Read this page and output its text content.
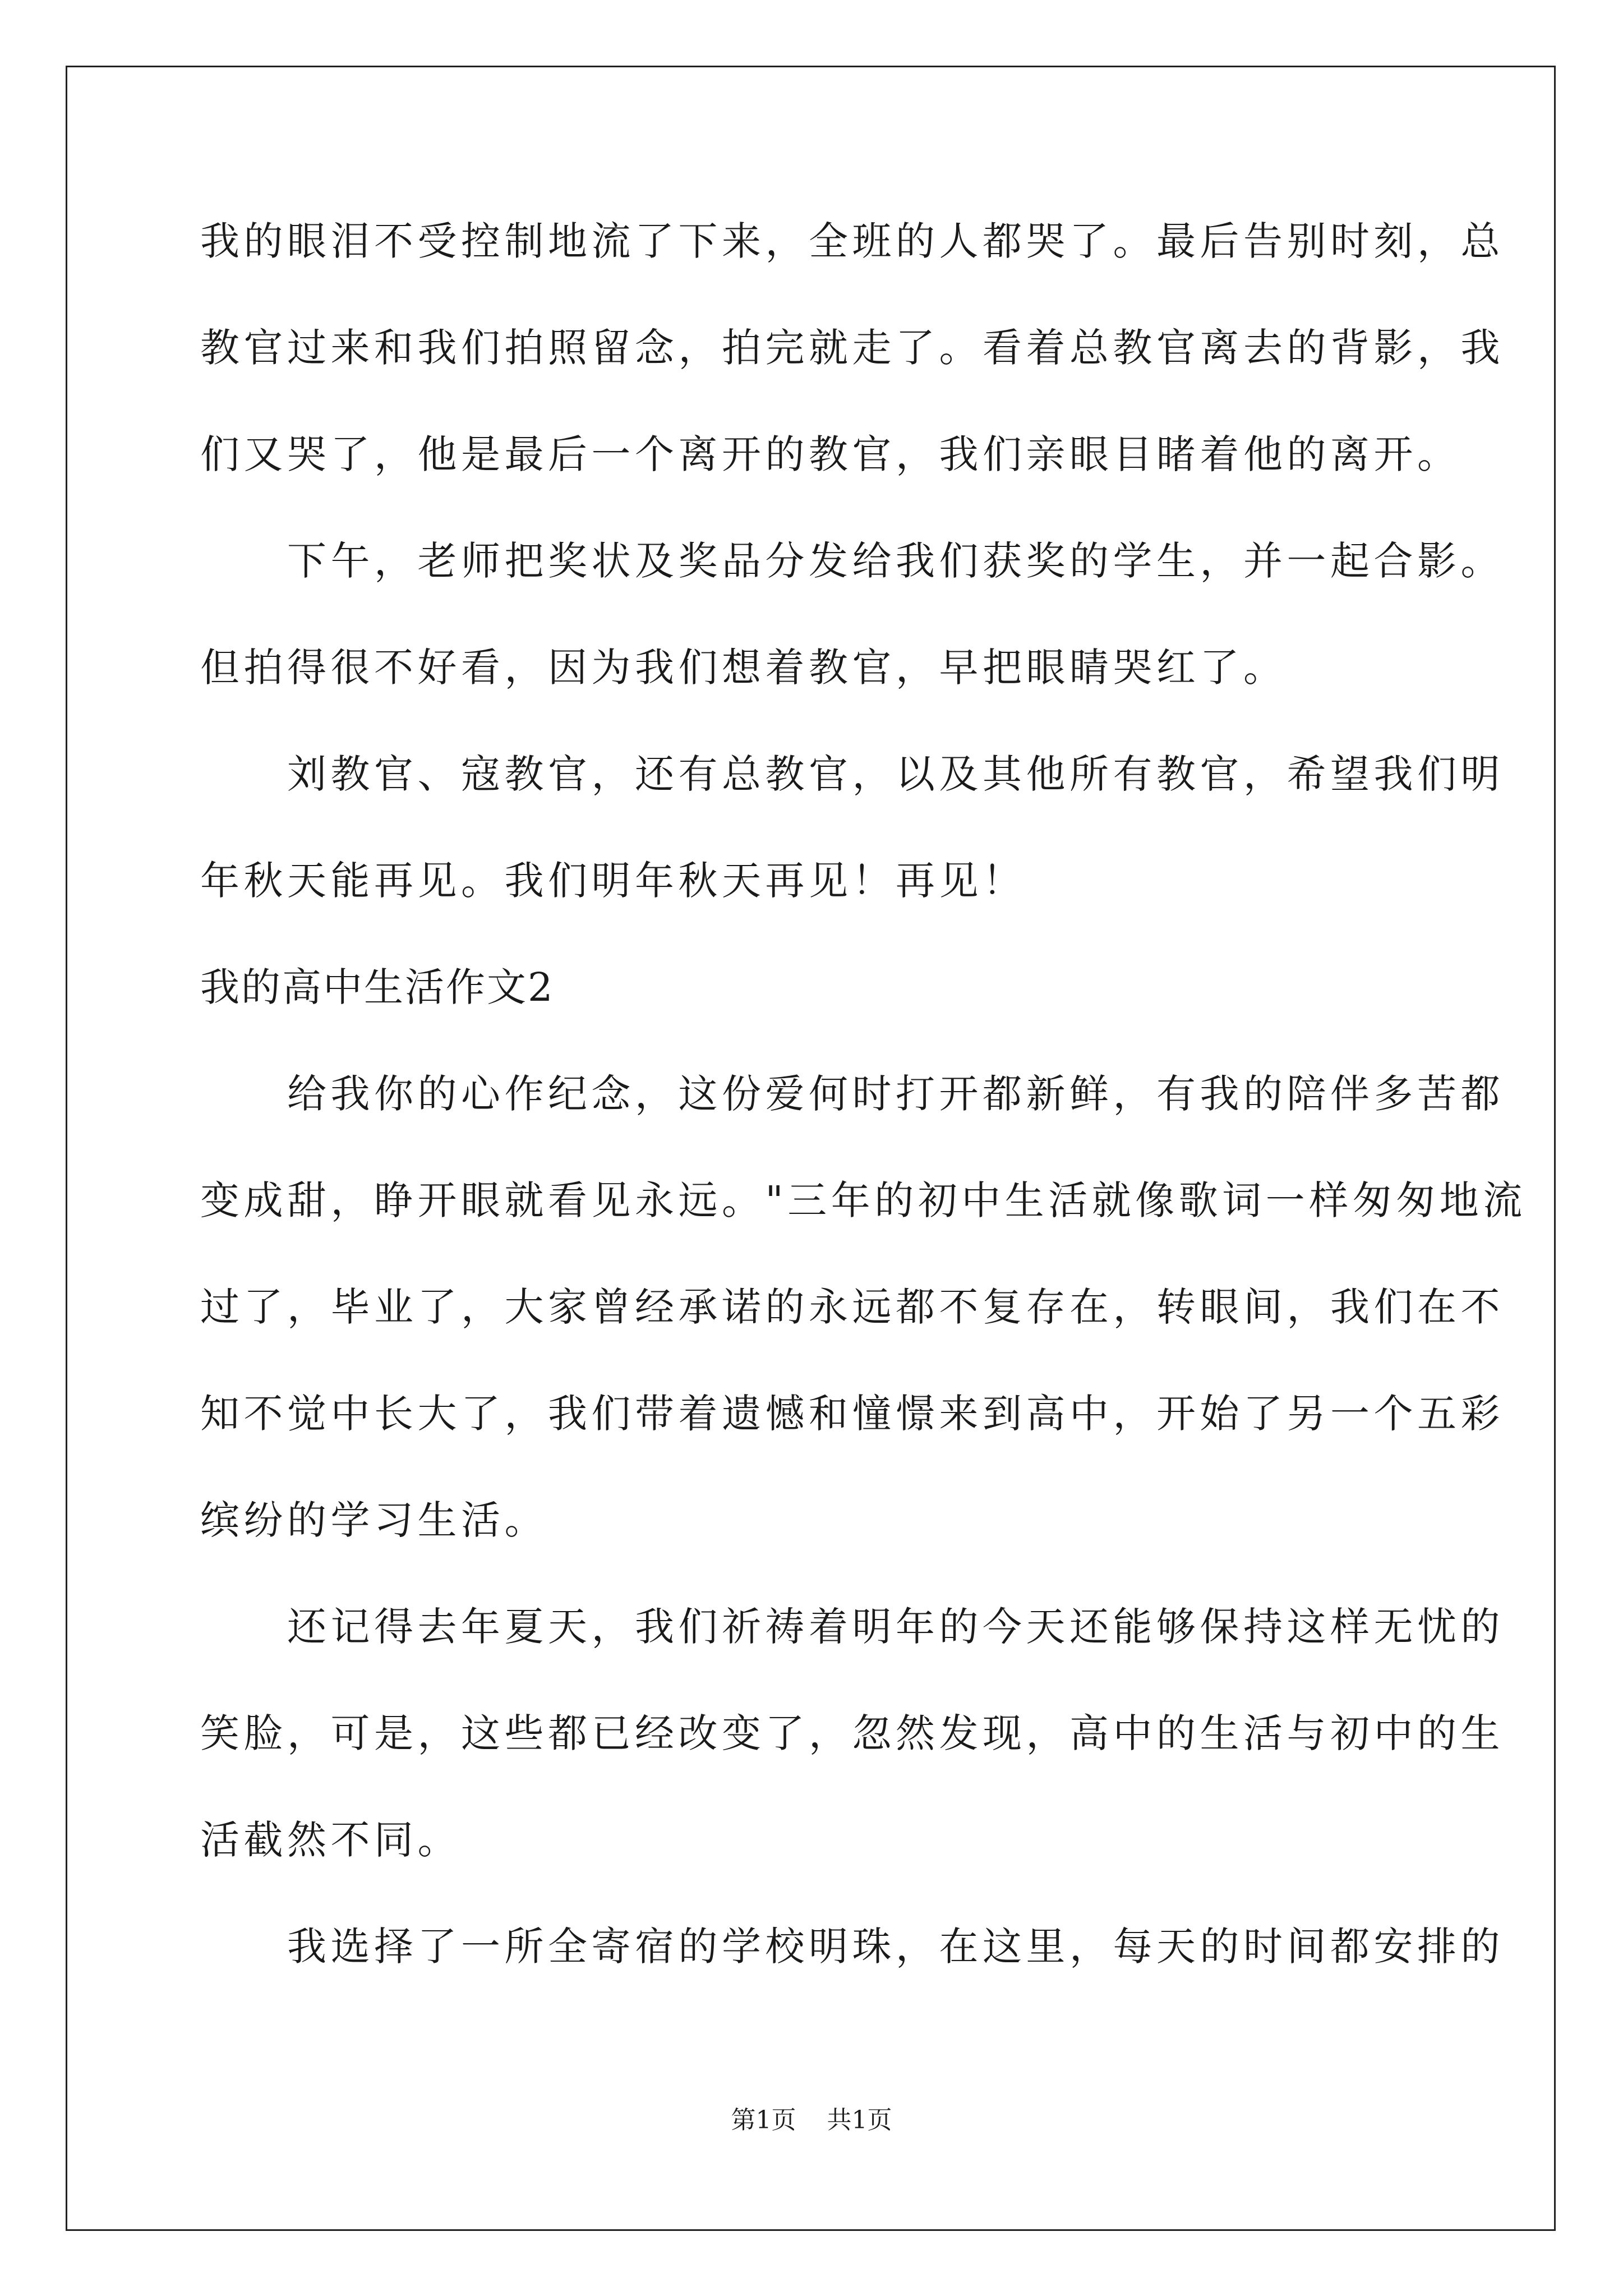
我的眼泪不受控制地流了下来，全班的人都哭了。最后告别时刻，总
教官过来和我们拍照留念，拍完就走了。看着总教官离去的背影，我
们又哭了，他是最后一个离开的教官，我们亲眼目睹着他的离开。
　　下午，老师把奖状及奖品分发给我们获奖的学生，并一起合影。
但拍得很不好看，因为我们想着教官，早把眼睛哭红了。
　　刘教官、寇教官，还有总教官，以及其他所有教官，希望我们明
年秋天能再见。我们明年秋天再见！再见！
我的高中生活作文2
　　给我你的心作纪念，这份爱何时打开都新鲜，有我的陪伴多苦都
变成甜，睁开眼就看见永远。"三年的初中生活就像歌词一样匆匆地流
过了，毕业了，大家曾经承诺的永远都不复存在，转眼间，我们在不
知不觉中长大了，我们带着遗憾和憧憬来到高中，开始了另一个五彩
缤纷的学习生活。
　　还记得去年夏天，我们祈祷着明年的今天还能够保持这样无忧的
笑脸，可是，这些都已经改变了，忽然发现，高中的生活与初中的生
活截然不同。
　　我选择了一所全寄宿的学校明珠，在这里，每天的时间都安排的
第1页 共1页
